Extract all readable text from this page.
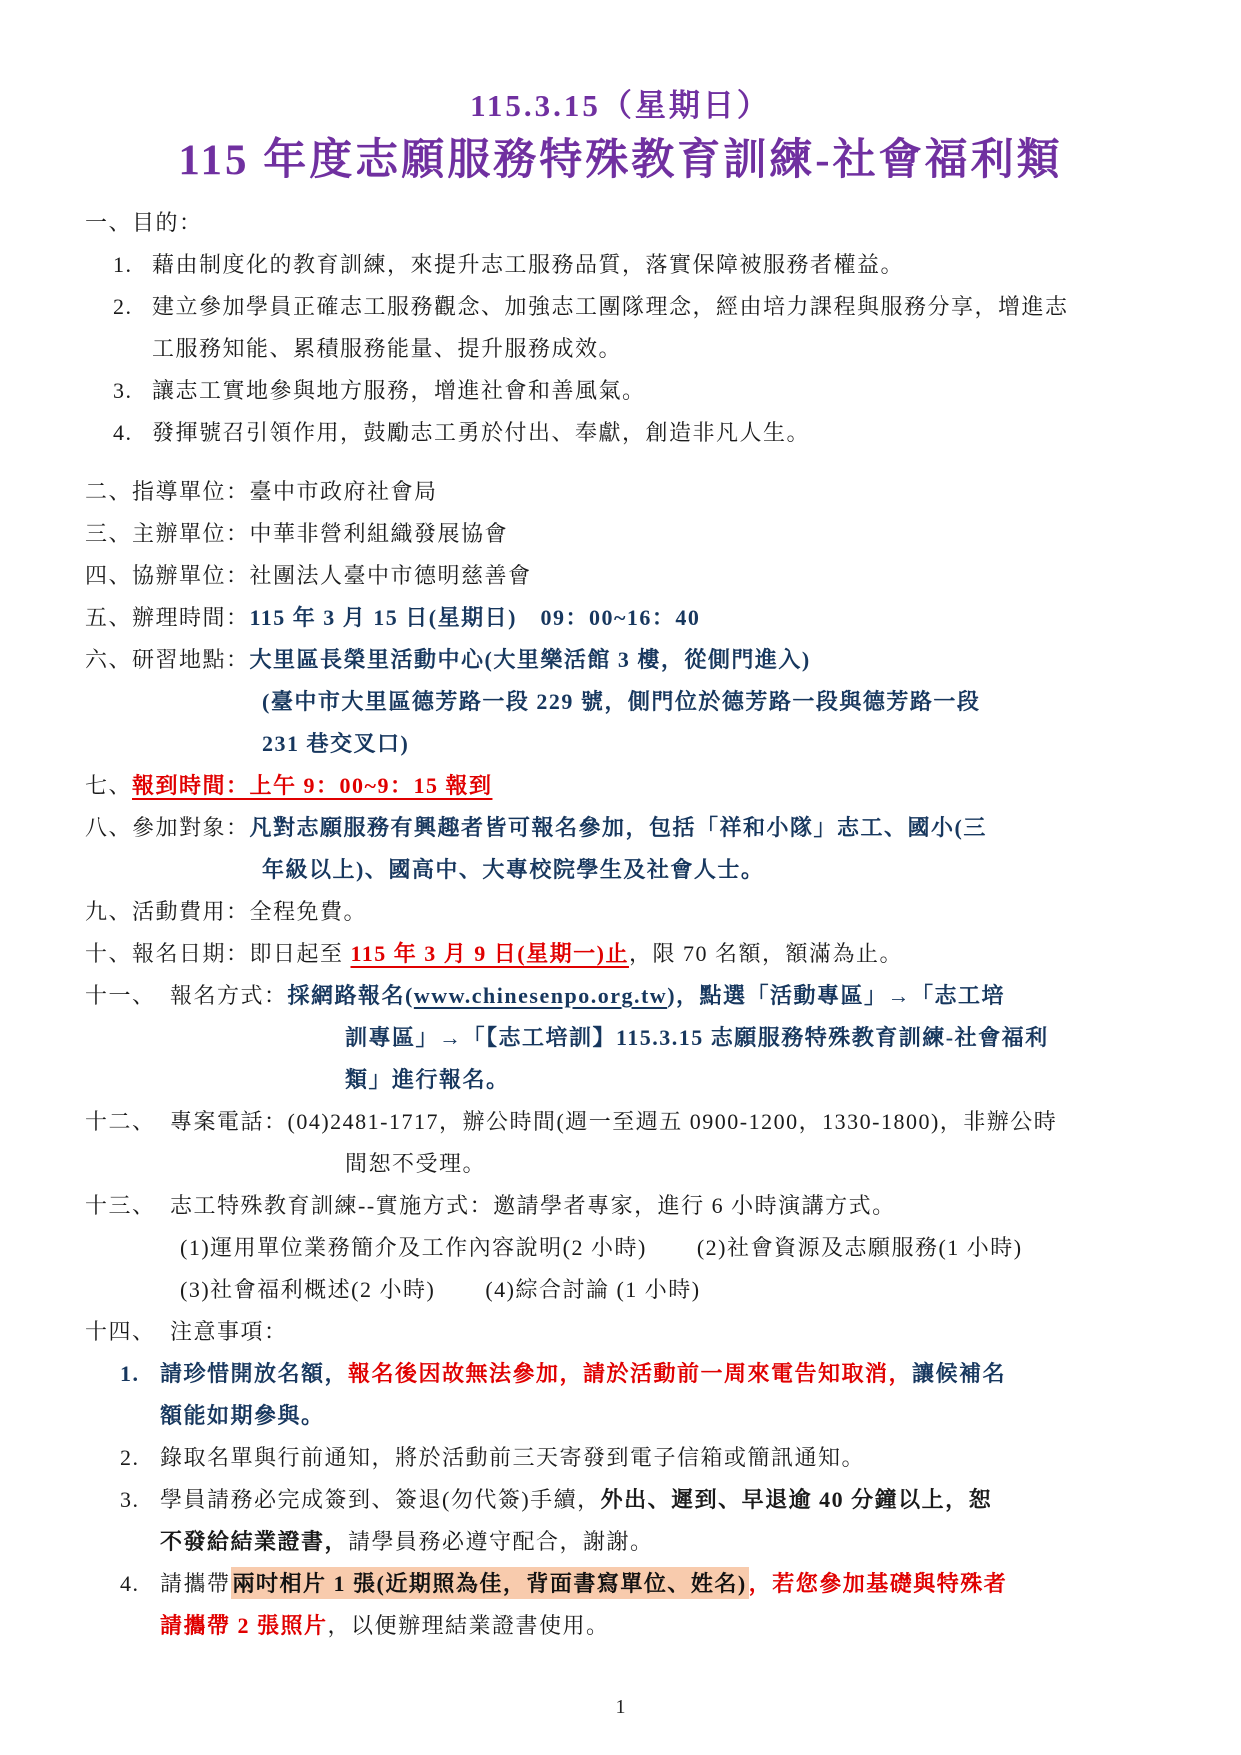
115.3.15（星期日）
115 年度志願服務特殊教育訓練-社會福利類
一、目的：
1. 藉由制度化的教育訓練，來提升志工服務品質，落實保障被服務者權益。
2. 建立參加學員正確志工服務觀念、加強志工團隊理念，經由培力課程與服務分享，增進志
工服務知能、累積服務能量、提升服務成效。
3. 讓志工實地參與地方服務，增進社會和善風氣。
4. 發揮號召引領作用，鼓勵志工勇於付出、奉獻，創造非凡人生。
二、指導單位：臺中市政府社會局
三、主辦單位：中華非營利組織發展協會
四、協辦單位：社團法人臺中市德明慈善會
五、辦理時間：115 年 3 月 15 日(星期日)　09：00~16：40
六、研習地點：大里區長榮里活動中心(大里樂活館 3 樓，從側門進入)
(臺中市大里區德芳路一段 229 號，側門位於德芳路一段與德芳路一段
231 巷交叉口)
七、報到時間：上午 9：00~9：15 報到
八、參加對象：凡對志願服務有興趣者皆可報名參加，包括「祥和小隊」志工、國小(三
年級以上)、國高中、大專校院學生及社會人士。
九、活動費用：全程免費。
十、報名日期：即日起至 115 年 3 月 9 日(星期一)止，限 70 名額，額滿為止。
十一、 報名方式：採網路報名(www.chinesenpo.org.tw)，點選「活動專區」→「志工培
訓專區」→「【志工培訓】115.3.15 志願服務特殊教育訓練-社會福利
類」進行報名。
十二、 專案電話：(04)2481-1717，辦公時間(週一至週五 0900-1200，1330-1800)，非辦公時
間恕不受理。
十三、 志工特殊教育訓練--實施方式：邀請學者專家，進行 6 小時演講方式。
(1)運用單位業務簡介及工作內容說明(2 小時) (2)社會資源及志願服務(1 小時)
(3)社會福利概述(2 小時) (4)綜合討論 (1 小時)
十四、 注意事項：
1. 請珍惜開放名額，報名後因故無法參加，請於活動前一周來電告知取消，讓候補名
額能如期參與。
2. 錄取名單與行前通知，將於活動前三天寄發到電子信箱或簡訊通知。
3. 學員請務必完成簽到、簽退(勿代簽)手續，外出、遲到、早退逾 40 分鐘以上，恕
不發給結業證書，請學員務必遵守配合，謝謝。
4. 請攜帶兩吋相片 1 張(近期照為佳，背面書寫單位、姓名)，若您參加基礎與特殊者
請攜帶 2 張照片，以便辦理結業證書使用。
1
